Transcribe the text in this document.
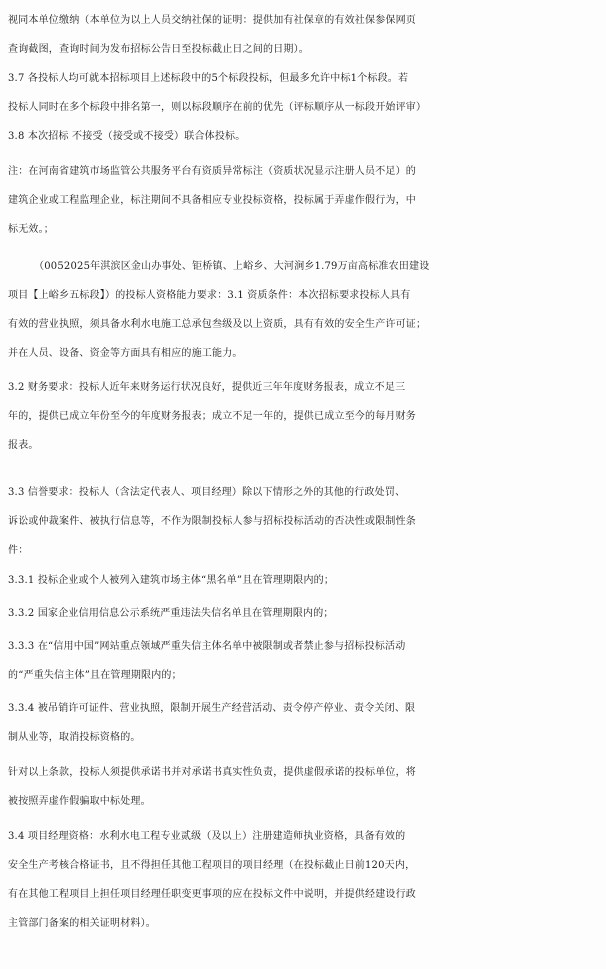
视同本单位缴纳（本单位为以上人员交纳社保的证明：提供加有社保章的有效社保参保网页
查询截图，查询时间为发布招标公告日至投标截止日之间的日期）。
3.7 各投标人均可就本招标项目上述标段中的5个标段投标，但最多允许中标1个标段。若
投标人同时在多个标段中排名第一，则以标段顺序在前的优先（评标顺序从一标段开始评审）
3.8 本次招标 不接受（接受或不接受）联合体投标。
注：在河南省建筑市场监管公共服务平台有资质异常标注（资质状况显示注册人员不足）的
建筑企业或工程监理企业，标注期间不具备相应专业投标资格，投标属于弄虚作假行为，中
标无效。；
（0052025年淇滨区金山办事处、钜桥镇、上峪乡、大河涧乡1.79万亩高标准农田建设
项目【上峪乡五标段】）的投标人资格能力要求：3.1 资质条件：本次招标要求投标人具有
有效的营业执照，须具备水利水电施工总承包叁级及以上资质，具有有效的安全生产许可证；
并在人员、设备、资金等方面具有相应的施工能力。
3.2 财务要求：投标人近年来财务运行状况良好，提供近三年年度财务报表，成立不足三
年的，提供已成立年份至今的年度财务报表；成立不足一年的，提供已成立至今的每月财务
报表。
3.3 信誉要求：投标人（含法定代表人、项目经理）除以下情形之外的其他的行政处罚、
诉讼或仲裁案件、被执行信息等，不作为限制投标人参与招标投标活动的否决性或限制性条
件：
3.3.1 投标企业或个人被列入建筑市场主体“黑名单”且在管理期限内的；
3.3.2 国家企业信用信息公示系统严重违法失信名单且在管理期限内的；
3.3.3 在“信用中国”网站重点领域严重失信主体名单中被限制或者禁止参与招标投标活动
的“严重失信主体”且在管理期限内的；
3.3.4 被吊销许可证件、营业执照，限制开展生产经营活动、责令停产停业、责令关闭、限
制从业等，取消投标资格的。
针对以上条款，投标人须提供承诺书并对承诺书真实性负责，提供虚假承诺的投标单位，将
被按照弄虚作假骗取中标处理。
3.4 项目经理资格：水利水电工程专业贰级（及以上）注册建造师执业资格，具备有效的
安全生产考核合格证书，且不得担任其他工程项目的项目经理（在投标截止日前120天内，
有在其他工程项目上担任项目经理任职变更事项的应在投标文件中说明，并提供经建设行政
主管部门备案的相关证明材料）。
